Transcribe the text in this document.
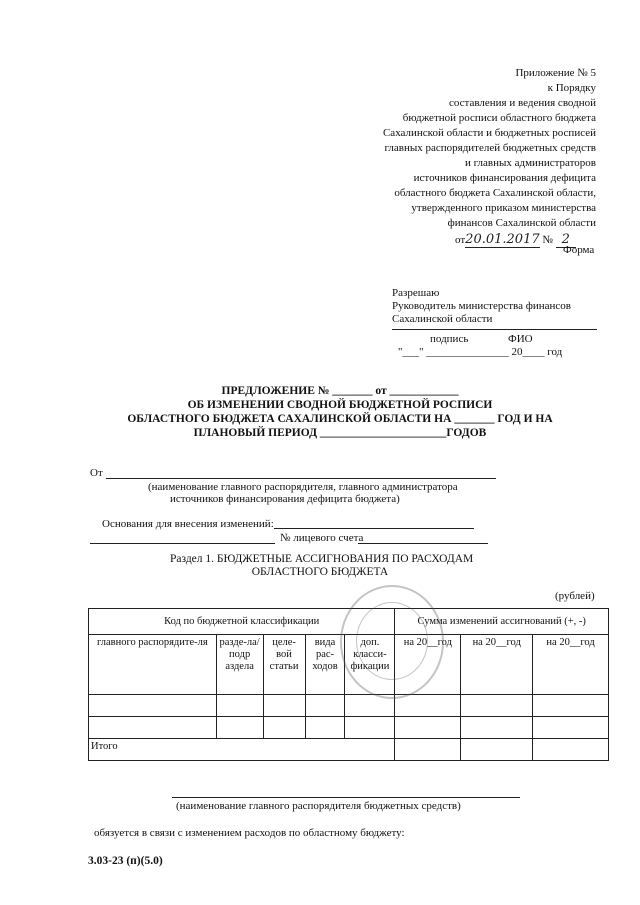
Приложение № 5
к Порядку
составления и ведения сводной
бюджетной росписи областного бюджета
Сахалинской области и бюджетных росписей
главных распорядителей бюджетных средств
и главных администраторов
источников финансирования дефицита
областного бюджета Сахалинской области,
утвержденного приказом министерства
финансов Сахалинской области
от20.01.2017 № 2
Форма
Разрешаю
Руководитель министерства финансов
Сахалинской области
подпись	ФИО
"___" _______________ 20____ год
ПРЕДЛОЖЕНИЕ № _______ от ____________
ОБ ИЗМЕНЕНИИ СВОДНОЙ БЮДЖЕТНОЙ РОСПИСИ
ОБЛАСТНОГО БЮДЖЕТА САХАЛИНСКОЙ ОБЛАСТИ НА _______ ГОД И НА
ПЛАНОВЫЙ ПЕРИОД ______________________ГОДОВ
От
(наименование главного распорядителя, главного администратора
источников финансирования дефицита бюджета)
Основания для внесения изменений:
№ лицевого счета
Раздел 1. БЮДЖЕТНЫЕ АССИГНОВАНИЯ ПО РАСХОДАМ
ОБЛАСТНОГО БЮДЖЕТА
(рублей)
Код по бюджетной классификации					Сумма изменений ассигнований (+, -)		
главного распорядите-ля	разде-ла/подр аздела	целе-вой статьи	вида рас-ходов	доп. класси-фикации	на 20__год	на 20__год	на 20__год

Итого							
(наименование главного распорядителя бюджетных средств)
обязуется в связи с изменением расходов по областному бюджету:
3.03-23 (п)(5.0)
